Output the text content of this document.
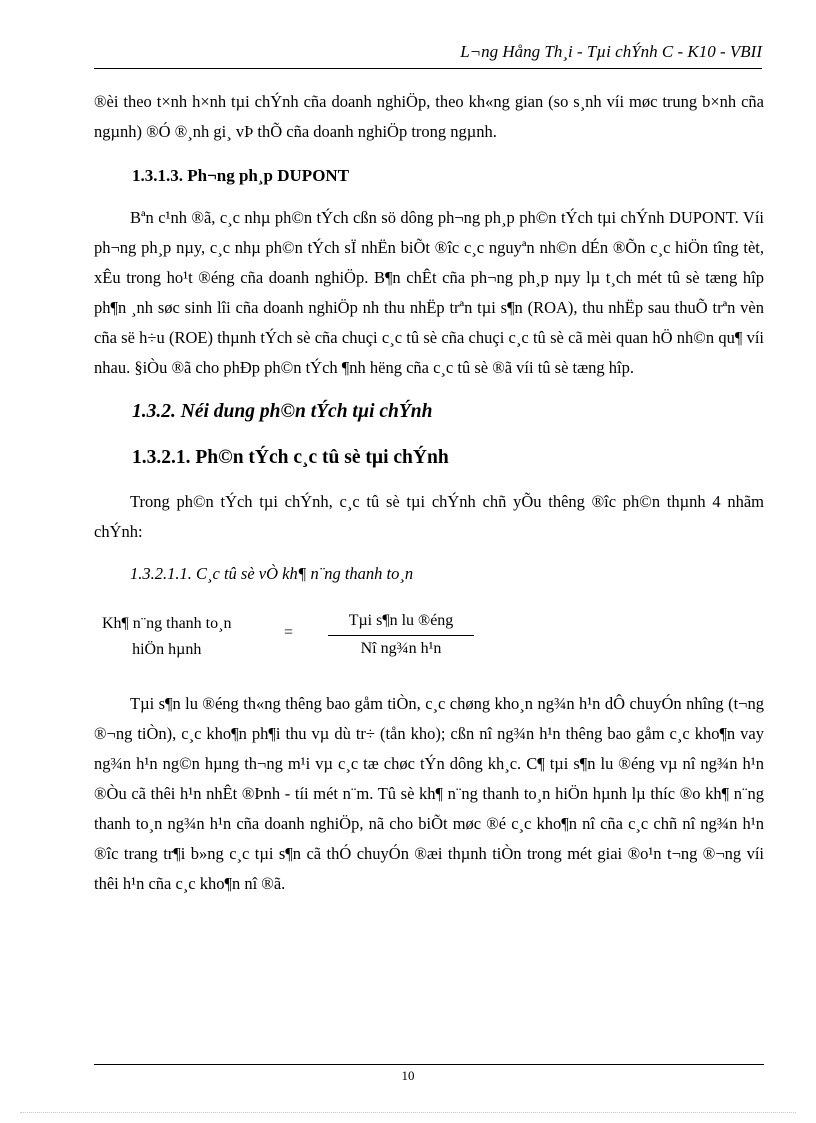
L¬ng Hång Th¸i - Tµi chÝnh C - K10 - VBII

®èi theo t×nh h×nh tµi chÝnh cña doanh nghiÖp, theo kh«ng gian (so s¸nh víi møc trung b×nh cña ngµnh) ®Ó ®¸nh gi¸ vÞ thÕ cña doanh nghiÖp trong ngµnh.

1.3.1.3. Ph¬ng ph¸p DUPONT

Bªn c¹nh ®ã, c¸c nhµ ph©n tÝch cßn sö dông ph¬ng ph¸p ph©n tÝch tµi chÝnh DUPONT. Víi ph¬ng ph¸p nµy, c¸c nhµ ph©n tÝch sÏ nhËn biÕt ®îc c¸c nguyªn nh©n dÉn ®Õn c¸c hiÖn tîng tèt, xÊu trong ho¹t ®éng cña doanh nghiÖp. B¶n chÊt cña ph¬ng ph¸p nµy lµ t¸ch mét tû sè tæng hîp ph¶n ¸nh søc sinh lîi cña doanh nghiÖp nh thu nhËp trªn tµi s¶n (ROA), thu nhËp sau thuÕ trªn vèn cña së h÷u (ROE) thµnh tÝch sè cña chuçi c¸c tû sè cña chuçi c¸c tû sè cã mèi quan hÖ nh©n qu¶ víi nhau. §iÒu ®ã cho phÐp ph©n tÝch ¶nh hëng cña c¸c tû sè ®ã víi tû sè tæng hîp.

1.3.2. Néi dung ph©n tÝch tµi chÝnh
1.3.2.1. Ph©n tÝch c¸c tû sè tµi chÝnh

Trong ph©n tÝch tµi chÝnh, c¸c tû sè tµi chÝnh chñ yÕu thêng ®îc ph©n thµnh 4 nhãm chÝnh:

1.3.2.1.1. C¸c tû sè vÒ kh¶ n¨ng thanh to¸n
Kh¶ n¨ng thanh to¸n
hiÖn hµnh
=
Tµi s¶n lu ®éng
Nî ng¾n h¹n

Tµi s¶n lu ®éng th«ng thêng bao gåm tiÒn, c¸c chøng kho¸n ng¾n h¹n dÔ chuyÓn nhîng (t¬ng ®¬ng tiÒn), c¸c kho¶n ph¶i thu vµ dù tr÷ (tån kho); cßn nî ng¾n h¹n thêng bao gåm c¸c kho¶n vay ng¾n h¹n ng©n hµng th¬ng m¹i vµ c¸c tæ chøc tÝn dông kh¸c. C¶ tµi s¶n lu ®éng vµ nî ng¾n h¹n ®Òu cã thêi h¹n nhÊt ®Þnh - tíi mét n¨m. Tû sè kh¶ n¨ng thanh to¸n hiÖn hµnh lµ thíc ®o kh¶ n¨ng thanh to¸n ng¾n h¹n cña doanh nghiÖp, nã cho biÕt møc ®é c¸c kho¶n nî cña c¸c chñ nî ng¾n h¹n ®îc trang tr¶i b»ng c¸c tµi s¶n cã thÓ chuyÓn ®æi thµnh tiÒn trong mét giai ®o¹n t¬ng ®¬ng víi thêi h¹n cña c¸c kho¶n nî ®ã.

10
